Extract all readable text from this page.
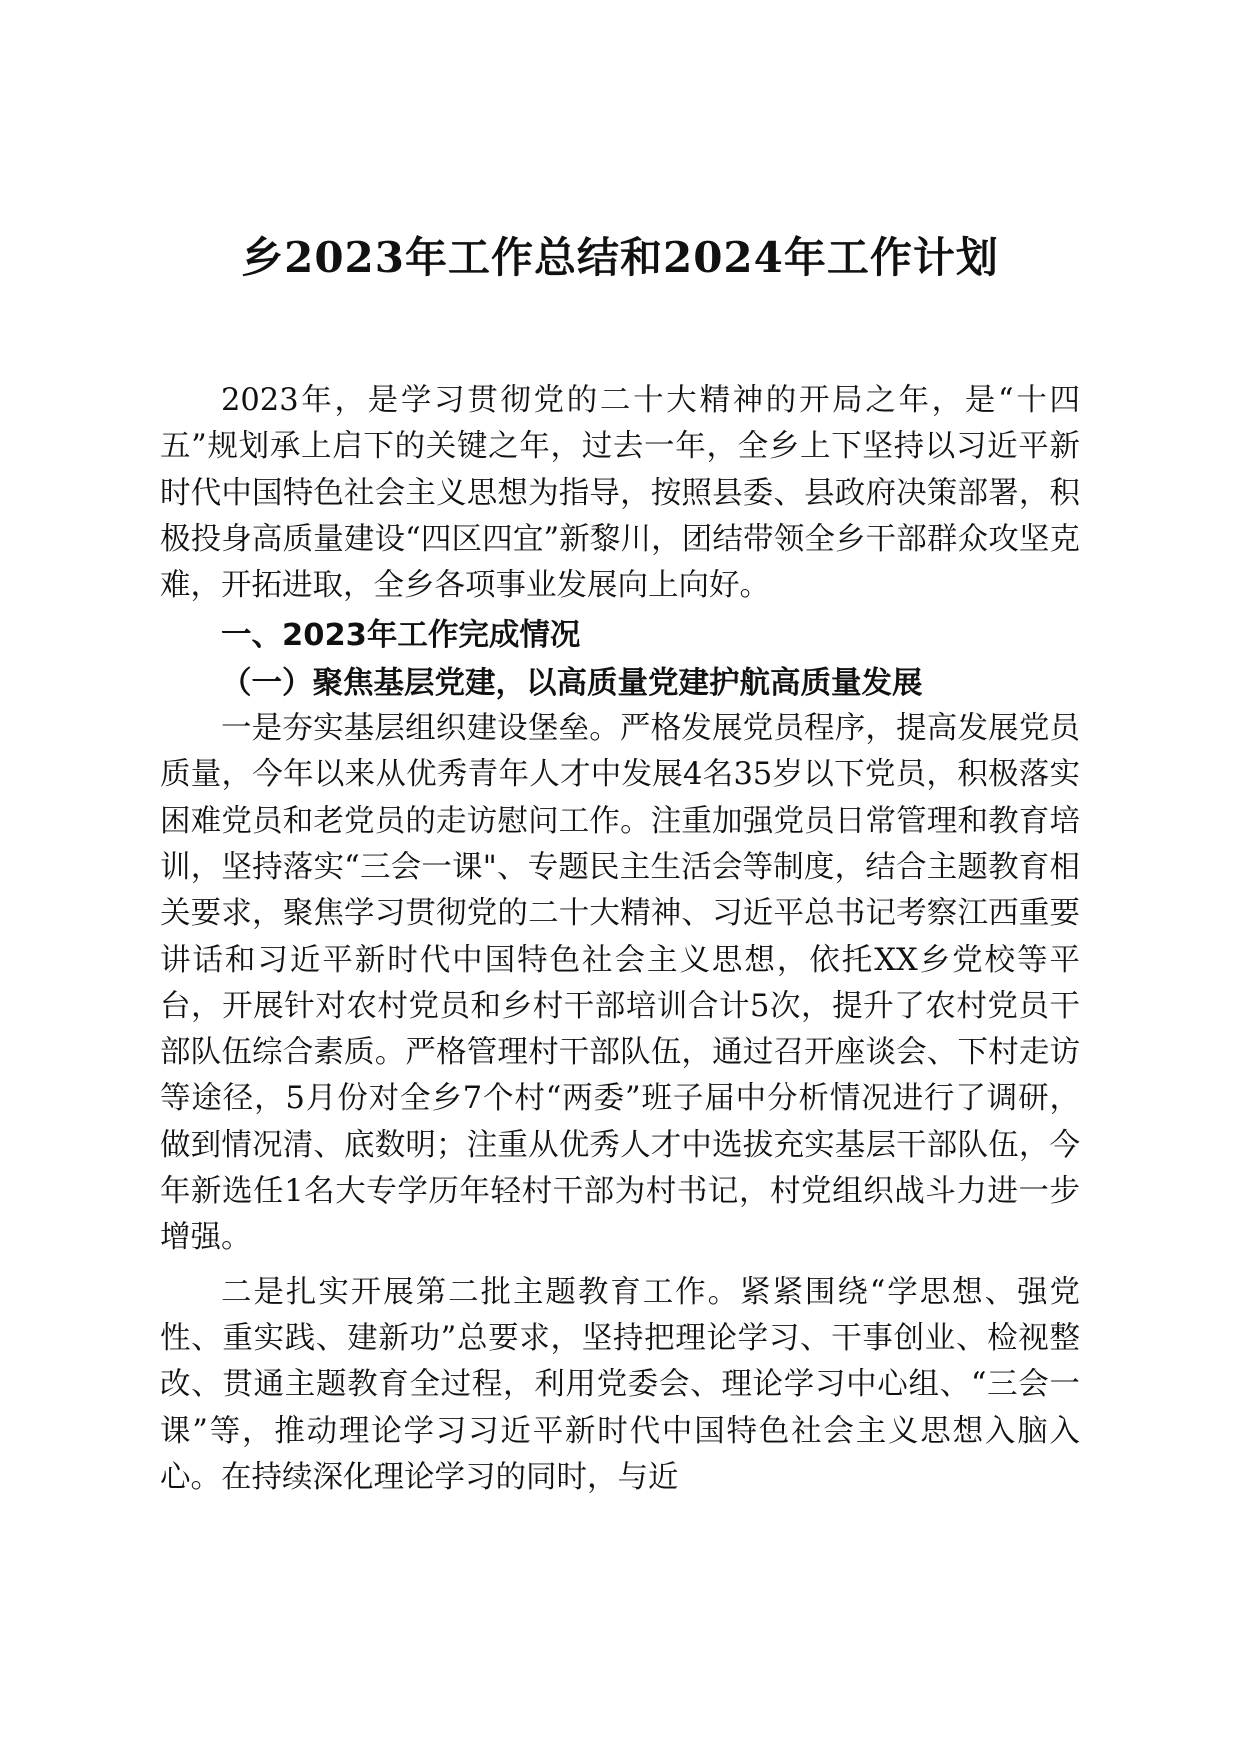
乡2023年工作总结和2024年工作计划

2023年，是学习贯彻党的二十大精神的开局之年，是“十四五”规划承上启下的关键之年，过去一年，全乡上下坚持以习近平新时代中国特色社会主义思想为指导，按照县委、县政府决策部署，积极投身高质量建设“四区四宜”新黎川，团结带领全乡干部群众攻坚克难，开拓进取，全乡各项事业发展向上向好。

一、2023年工作完成情况

（一）聚焦基层党建，以高质量党建护航高质量发展

一是夯实基层组织建设堡垒。严格发展党员程序，提高发展党员质量，今年以来从优秀青年人才中发展4名35岁以下党员，积极落实困难党员和老党员的走访慰问工作。注重加强党员日常管理和教育培训，坚持落实“三会一课"、专题民主生活会等制度，结合主题教育相关要求，聚焦学习贯彻党的二十大精神、习近平总书记考察江西重要讲话和习近平新时代中国特色社会主义思想，依托XX乡党校等平台，开展针对农村党员和乡村干部培训合计5次，提升了农村党员干部队伍综合素质。严格管理村干部队伍，通过召开座谈会、下村走访等途径，5月份对全乡7个村“两委”班子届中分析情况进行了调研，做到情况清、底数明；注重从优秀人才中选拔充实基层干部队伍，今年新选任1名大专学历年轻村干部为村书记，村党组织战斗力进一步增强。

二是扎实开展第二批主题教育工作。紧紧围绕“学思想、强党性、重实践、建新功”总要求，坚持把理论学习、干事创业、检视整改、贯通主题教育全过程，利用党委会、理论学习中心组、“三会一课”等，推动理论学习习近平新时代中国特色社会主义思想入脑入心。在持续深化理论学习的同时，与近
